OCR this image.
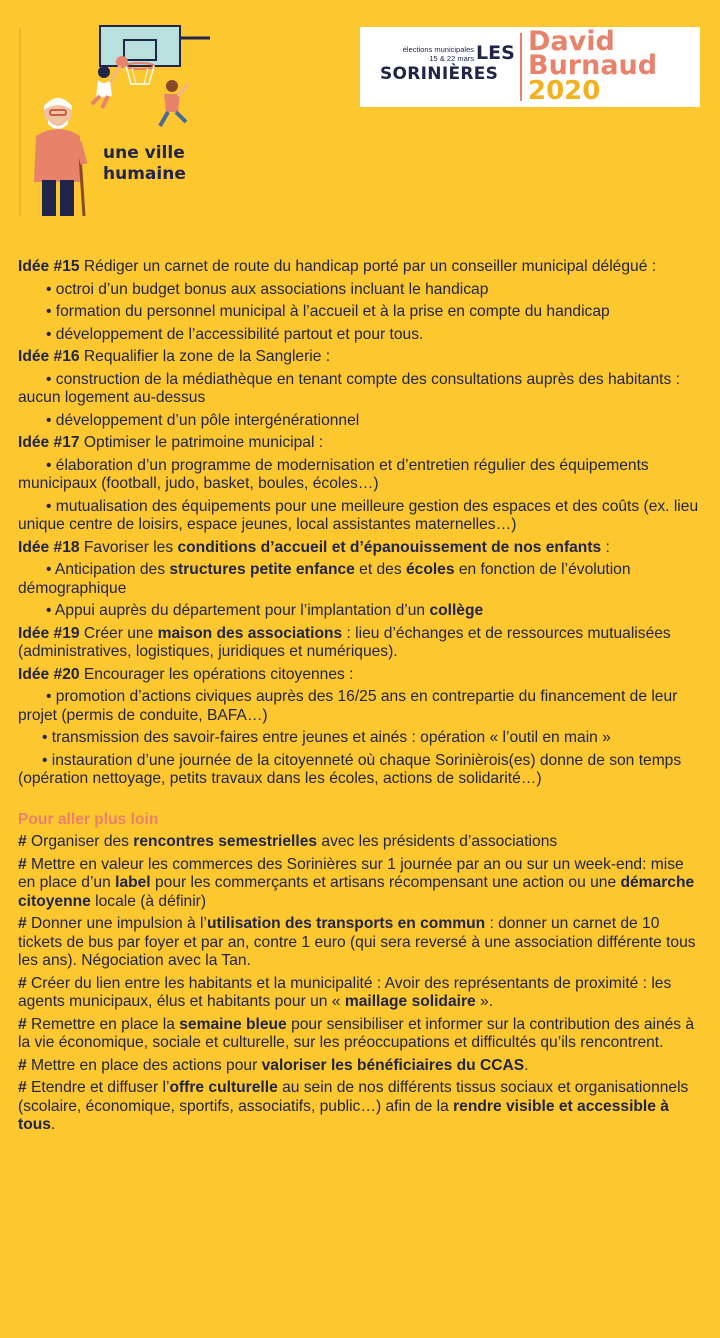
une ville
humaine
élections municipales
15 & 22 mars LES
SORINIÈRES
David
Burnaud
2020

Idée #15 Rédiger un carnet de route du handicap porté par un conseiller municipal délégué :

• octroi d’un budget bonus aux associations incluant le handicap

• formation du personnel municipal à l’accueil et à la prise en compte du handicap

• développement de l’accessibilité partout et pour tous.

Idée #16 Requalifier la zone de la Sanglerie :

• construction de la médiathèque en tenant compte des consultations auprès des habitants : aucun logement au-dessus

• développement d’un pôle intergénérationnel

Idée #17 Optimiser le patrimoine municipal :

• élaboration d’un programme de modernisation et d’entretien régulier des équipements municipaux (football, judo, basket, boules, écoles…)

• mutualisation des équipements pour une meilleure gestion des espaces et des coûts (ex. lieu unique centre de loisirs, espace jeunes, local assistantes maternelles…)

Idée #18 Favoriser les conditions d’accueil et d’épanouissement de nos enfants :

• Anticipation des structures petite enfance et des écoles en fonction de l’évolution démographique

• Appui auprès du département pour l’implantation d’un collège

Idée #19 Créer une maison des associations : lieu d’échanges et de ressources mutualisées (administratives, logistiques, juridiques et numériques).

Idée #20 Encourager les opérations citoyennes :

• promotion d’actions civiques auprès des 16/25 ans en contrepartie du financement de leur projet (permis de conduite, BAFA…)

• transmission des savoir-faires entre jeunes et ainés : opération « l’outil en main »

• instauration d’une journée de la citoyenneté où chaque Sorinièrois(es) donne de son temps (opération nettoyage, petits travaux dans les écoles, actions de solidarité…)

Pour aller plus loin

# Organiser des rencontres semestrielles avec les présidents d’associations

# Mettre en valeur les commerces des Sorinières sur 1 journée par an ou sur un week-end: mise en place d’un label pour les commerçants et artisans récompensant une action ou une démarche citoyenne locale (à définir)

# Donner une impulsion à l’utilisation des transports en commun : donner un carnet de 10 tickets de bus par foyer et par an, contre 1 euro (qui sera reversé à une association différente tous les ans). Négociation avec la Tan.

# Créer du lien entre les habitants et la municipalité : Avoir des représentants de proximité : les agents municipaux, élus et habitants pour un « maillage solidaire ».

# Remettre en place la semaine bleue pour sensibiliser et informer sur la contribution des ainés à la vie économique, sociale et culturelle, sur les préoccupations et difficultés qu’ils rencontrent.

# Mettre en place des actions pour valoriser les bénéficiaires du CCAS.

# Etendre et diffuser l’offre culturelle au sein de nos différents tissus sociaux et organisationnels (scolaire, économique, sportifs, associatifs, public…) afin de la rendre visible et accessible à tous.
